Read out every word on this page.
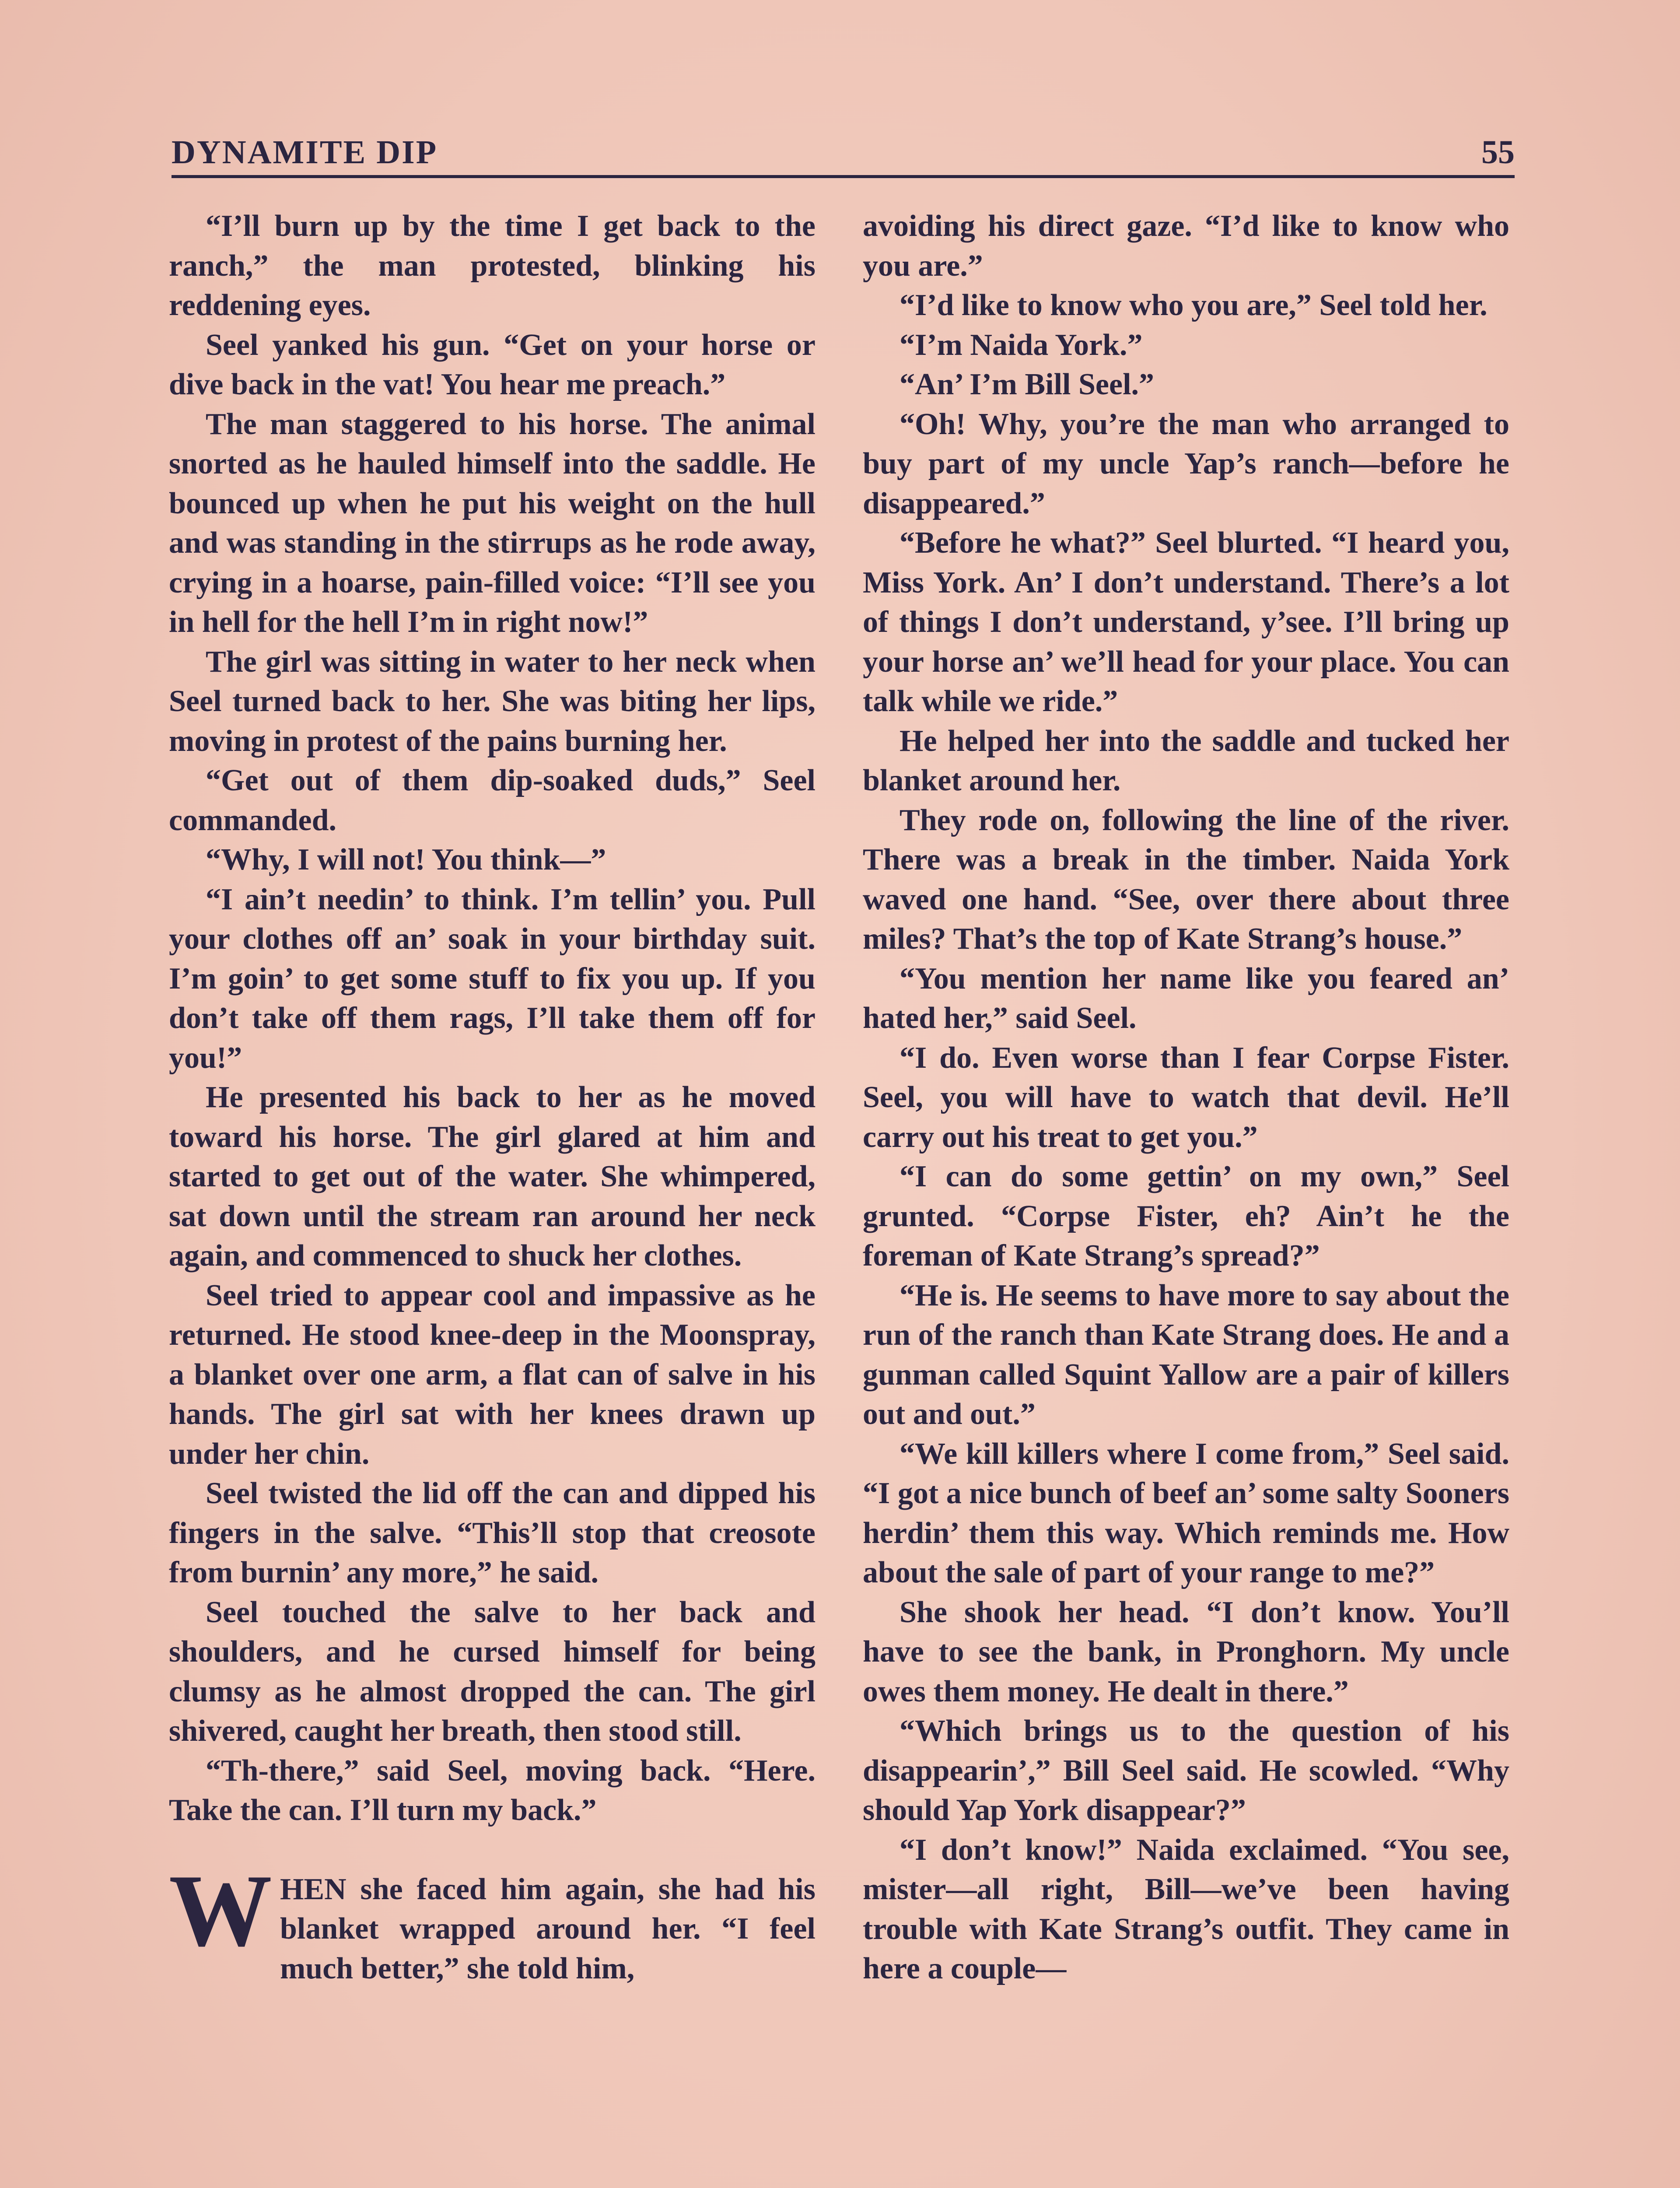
DYNAMITE DIP	55

“I’ll burn up by the time I get back to the ranch,” the man protested, blinking his reddening eyes.

Seel yanked his gun. “Get on your horse or dive back in the vat! You hear me preach.”

The man staggered to his horse. The animal snorted as he hauled himself into the saddle. He bounced up when he put his weight on the hull and was standing in the stirrups as he rode away, crying in a hoarse, pain-filled voice: “I’ll see you in hell for the hell I’m in right now!”

The girl was sitting in water to her neck when Seel turned back to her. She was biting her lips, moving in protest of the pains burning her.

“Get out of them dip-soaked duds,” Seel commanded.

“Why, I will not! You think—”

“I ain’t needin’ to think. I’m tellin’ you. Pull your clothes off an’ soak in your birthday suit. I’m goin’ to get some stuff to fix you up. If you don’t take off them rags, I’ll take them off for you!”

He presented his back to her as he moved toward his horse. The girl glared at him and started to get out of the water. She whimpered, sat down until the stream ran around her neck again, and commenced to shuck her clothes.

Seel tried to appear cool and impassive as he returned. He stood knee-deep in the Moonspray, a blanket over one arm, a flat can of salve in his hands. The girl sat with her knees drawn up under her chin.

Seel twisted the lid off the can and dipped his fingers in the salve. “This’ll stop that creosote from burnin’ any more,” he said.

Seel touched the salve to her back and shoulders, and he cursed himself for being clumsy as he almost dropped the can. The girl shivered, caught her breath, then stood still.

“Th-there,” said Seel, moving back. “Here. Take the can. I’ll turn my back.”

WHEN she faced him again, she had his blanket wrapped around her. “I feel much better,” she told him,

avoiding his direct gaze. “I’d like to know who you are.”

“I’d like to know who you are,” Seel told her.

“I’m Naida York.”

“An’ I’m Bill Seel.”

“Oh! Why, you’re the man who arranged to buy part of my uncle Yap’s ranch—before he disappeared.”

“Before he what?” Seel blurted. “I heard you, Miss York. An’ I don’t understand. There’s a lot of things I don’t understand, y’see. I’ll bring up your horse an’ we’ll head for your place. You can talk while we ride.”

He helped her into the saddle and tucked her blanket around her.

They rode on, following the line of the river. There was a break in the timber. Naida York waved one hand. “See, over there about three miles? That’s the top of Kate Strang’s house.”

“You mention her name like you feared an’ hated her,” said Seel.

“I do. Even worse than I fear Corpse Fister. Seel, you will have to watch that devil. He’ll carry out his treat to get you.”

“I can do some gettin’ on my own,” Seel grunted. “Corpse Fister, eh? Ain’t he the foreman of Kate Strang’s spread?”

“He is. He seems to have more to say about the run of the ranch than Kate Strang does. He and a gunman called Squint Yallow are a pair of killers out and out.”

“We kill killers where I come from,” Seel said. “I got a nice bunch of beef an’ some salty Sooners herdin’ them this way. Which reminds me. How about the sale of part of your range to me?”

She shook her head. “I don’t know. You’ll have to see the bank, in Pronghorn. My uncle owes them money. He dealt in there.”

“Which brings us to the question of his disappearin’,” Bill Seel said. He scowled. “Why should Yap York disappear?”

“I don’t know!” Naida exclaimed. “You see, mister—all right, Bill—we’ve been having trouble with Kate Strang’s outfit. They came in here a couple—
